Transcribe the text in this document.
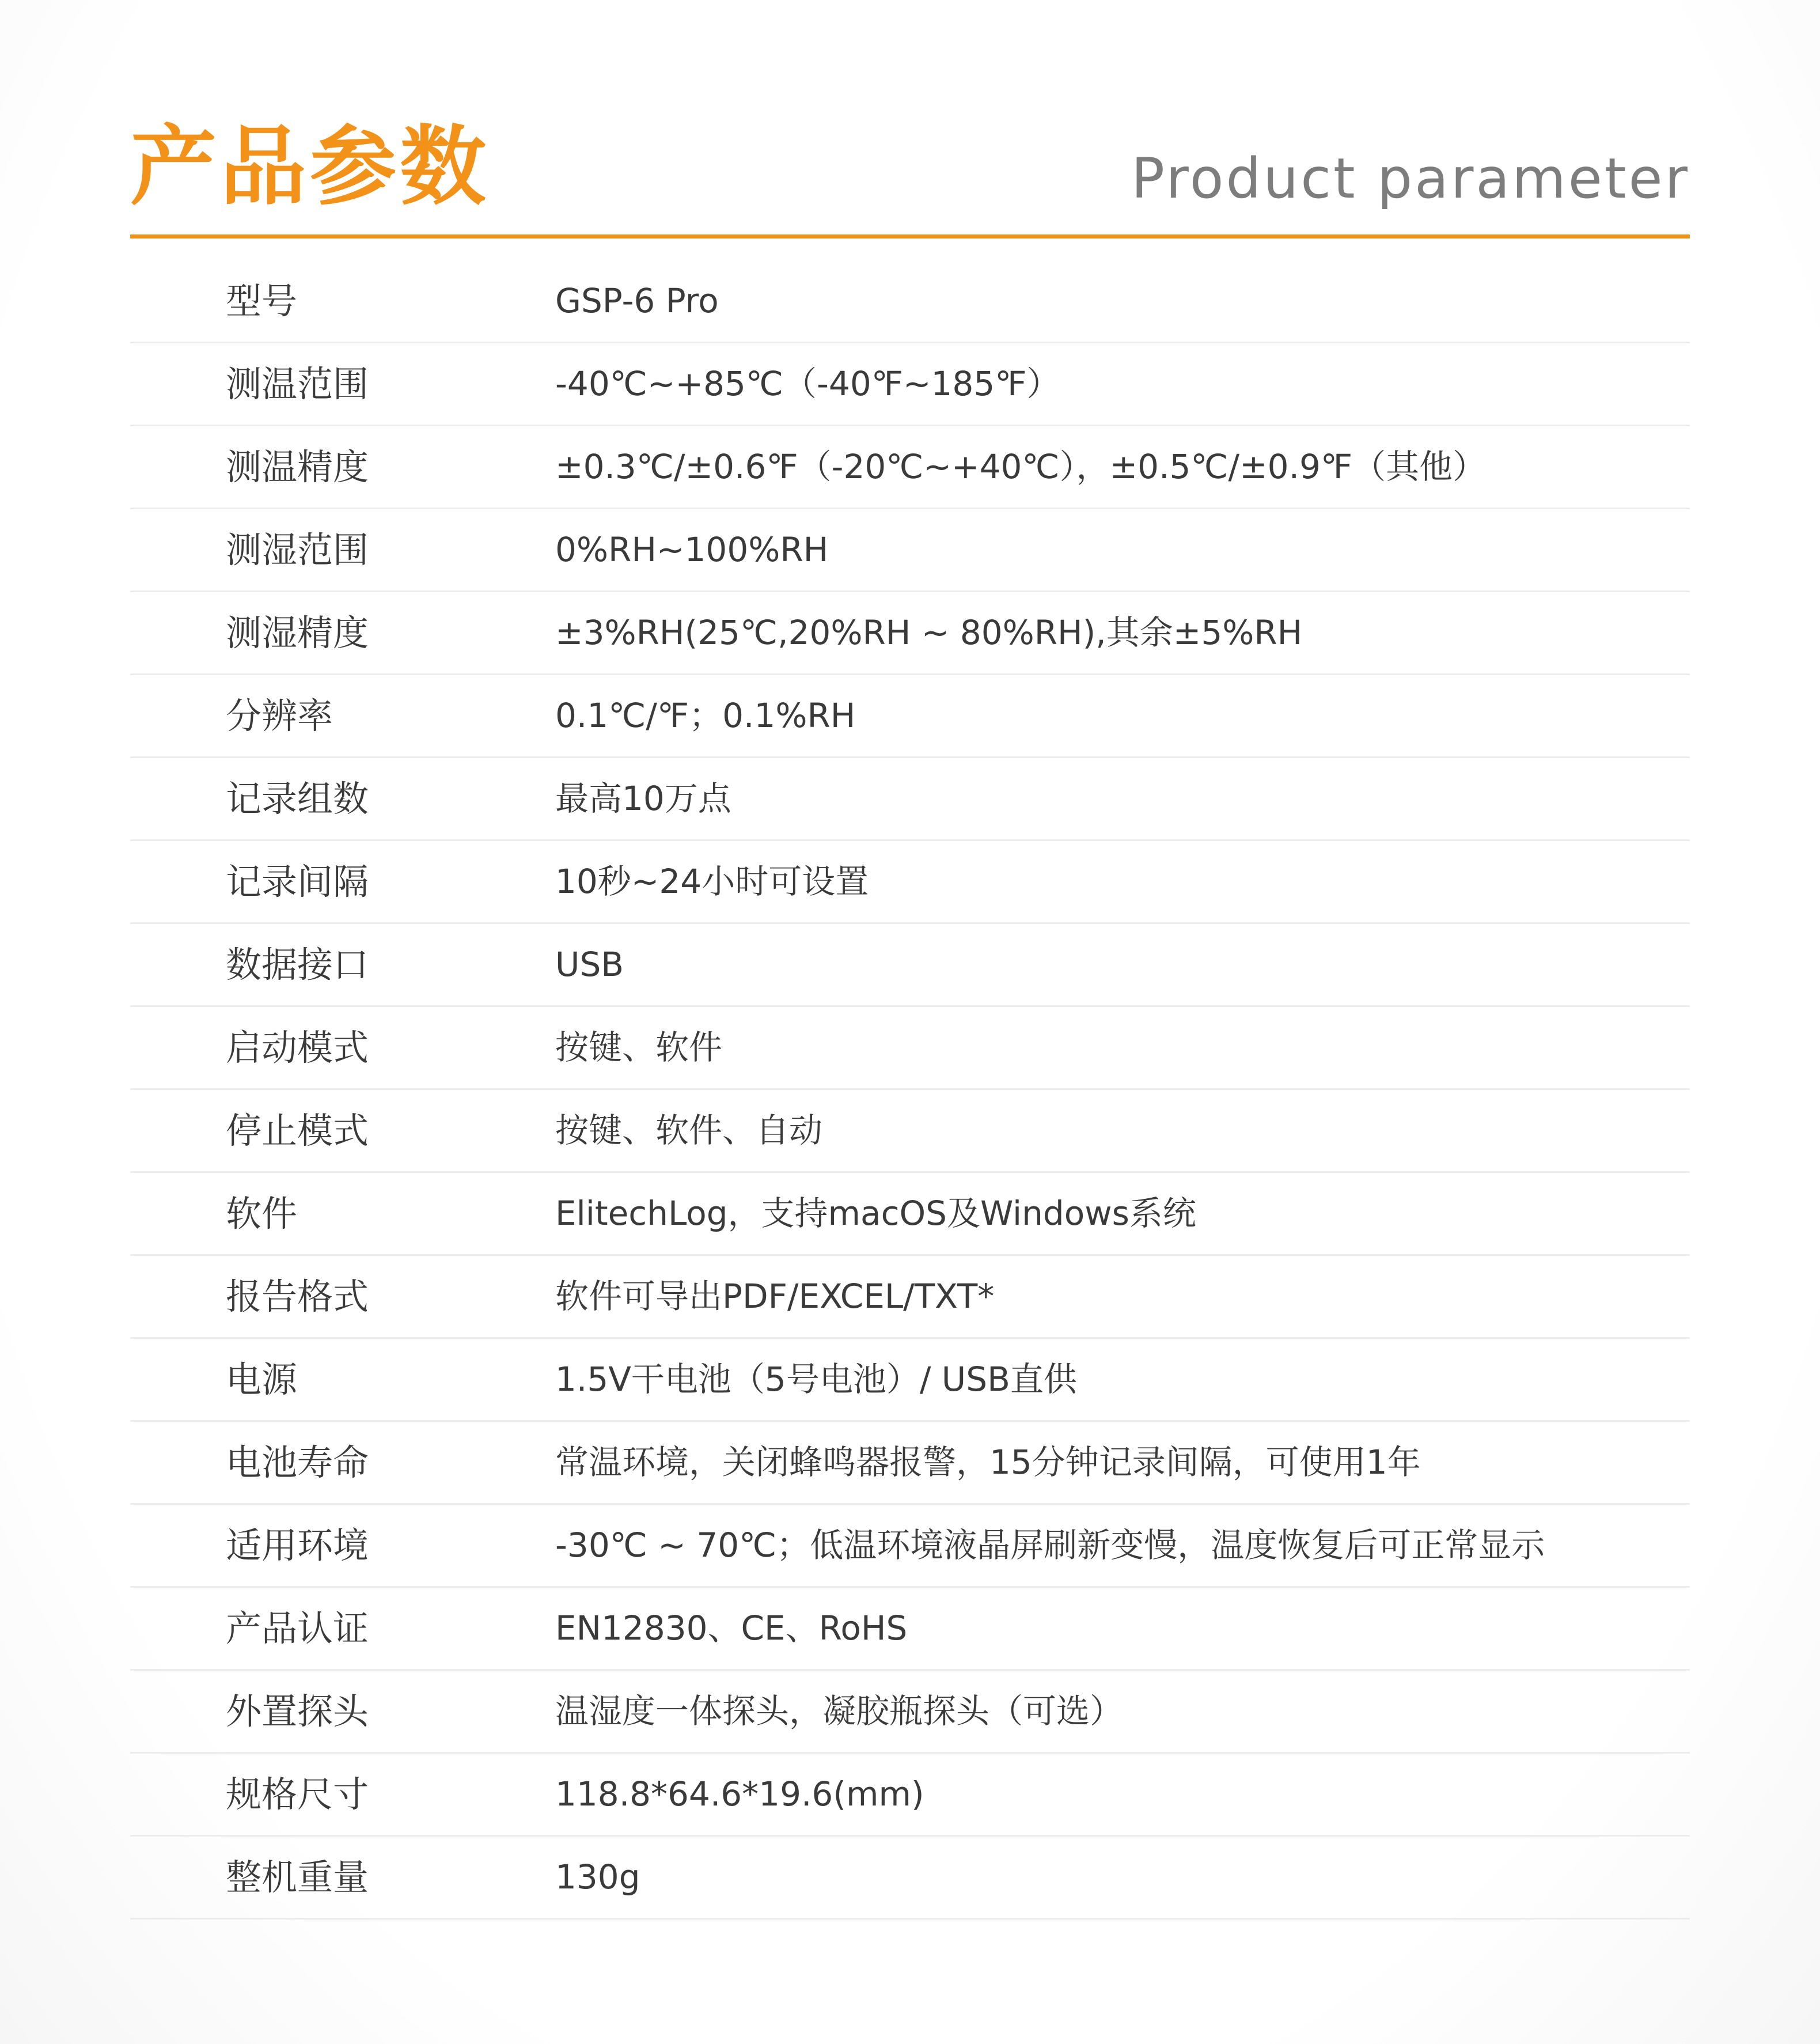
产品参数	Product parameter
型号	GSP-6 Pro
测温范围	-40℃~+85℃（-40℉~185℉）
测温精度	±0.3℃/±0.6℉（-20℃~+40℃），±0.5℃/±0.9℉（其他）
测湿范围	0%RH~100%RH
测湿精度	±3%RH(25℃,20%RH ~ 80%RH),其余±5%RH
分辨率	0.1℃/℉；0.1%RH
记录组数	最高10万点
记录间隔	10秒~24小时可设置
数据接口	USB
启动模式	按键、软件
停止模式	按键、软件、自动
软件	ElitechLog，支持macOS及Windows系统
报告格式	软件可导出PDF/EXCEL/TXT*
电源	1.5V干电池（5号电池）/ USB直供
电池寿命	常温环境，关闭蜂鸣器报警，15分钟记录间隔，可使用1年
适用环境	-30℃ ~ 70℃；低温环境液晶屏刷新变慢，温度恢复后可正常显示
产品认证	EN12830、CE、RoHS
外置探头	温湿度一体探头，凝胶瓶探头（可选）
规格尺寸	118.8*64.6*19.6(mm)
整机重量	130g
